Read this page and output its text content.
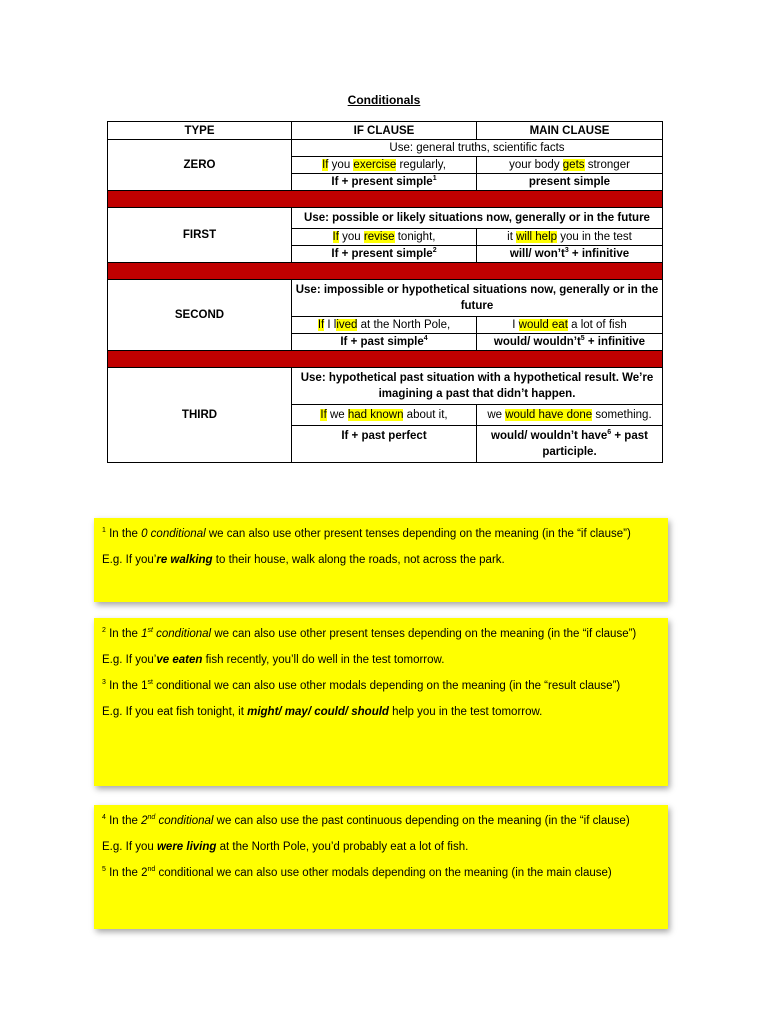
Conditionals
TYPE	IF CLAUSE	MAIN CLAUSE
ZERO	Use: general truths, scientific facts	
	If you exercise regularly,	your body gets stronger
	If + present simple$^1$	present simple

FIRST	Use: possible or likely situations now, generally or in the future	
	If you revise tonight,	it will help you in the test
	If + present simple$^2$	will/ $won’t^3$ + infinitive

SECOND	Use: impossible or hypothetical situations now, generally or in the future	
	If I lived at the North Pole,	I would eat a lot of fish
	If + past simple$^4$	would/ $wouldn’t^5$ + infinitive

THIRD	Use: hypothetical past situation with a hypothetical result. We’re imagining a past that didn’t happen.	
	If we had known about it,	we would have done something.
	If + past perfect	would/ wouldn’t have$^6$ + past participle.

$^1$ In the 0 conditional we can also use other present tenses depending on the meaning (in the “if clause”)

E.g. If you’re walking to their house, walk along the roads, not across the park.

$^2$ In the 1st conditional we can also use other present tenses depending on the meaning (in the “if clause”)

E.g. If you’ve eaten fish recently, you’ll do well in the test tomorrow.

$^3$ In the 1st conditional we can also use other modals depending on the meaning (in the “result clause”)

E.g. If you eat fish tonight, it might/ may/ could/ should help you in the test tomorrow.

$^4$ In the 2nd conditional we can also use the past continuous depending on the meaning (in the “if clause)

E.g. If you were living at the North Pole, you’d probably eat a lot of fish.

$^5$ In the 2nd conditional we can also use other modals depending on the meaning (in the main clause)
